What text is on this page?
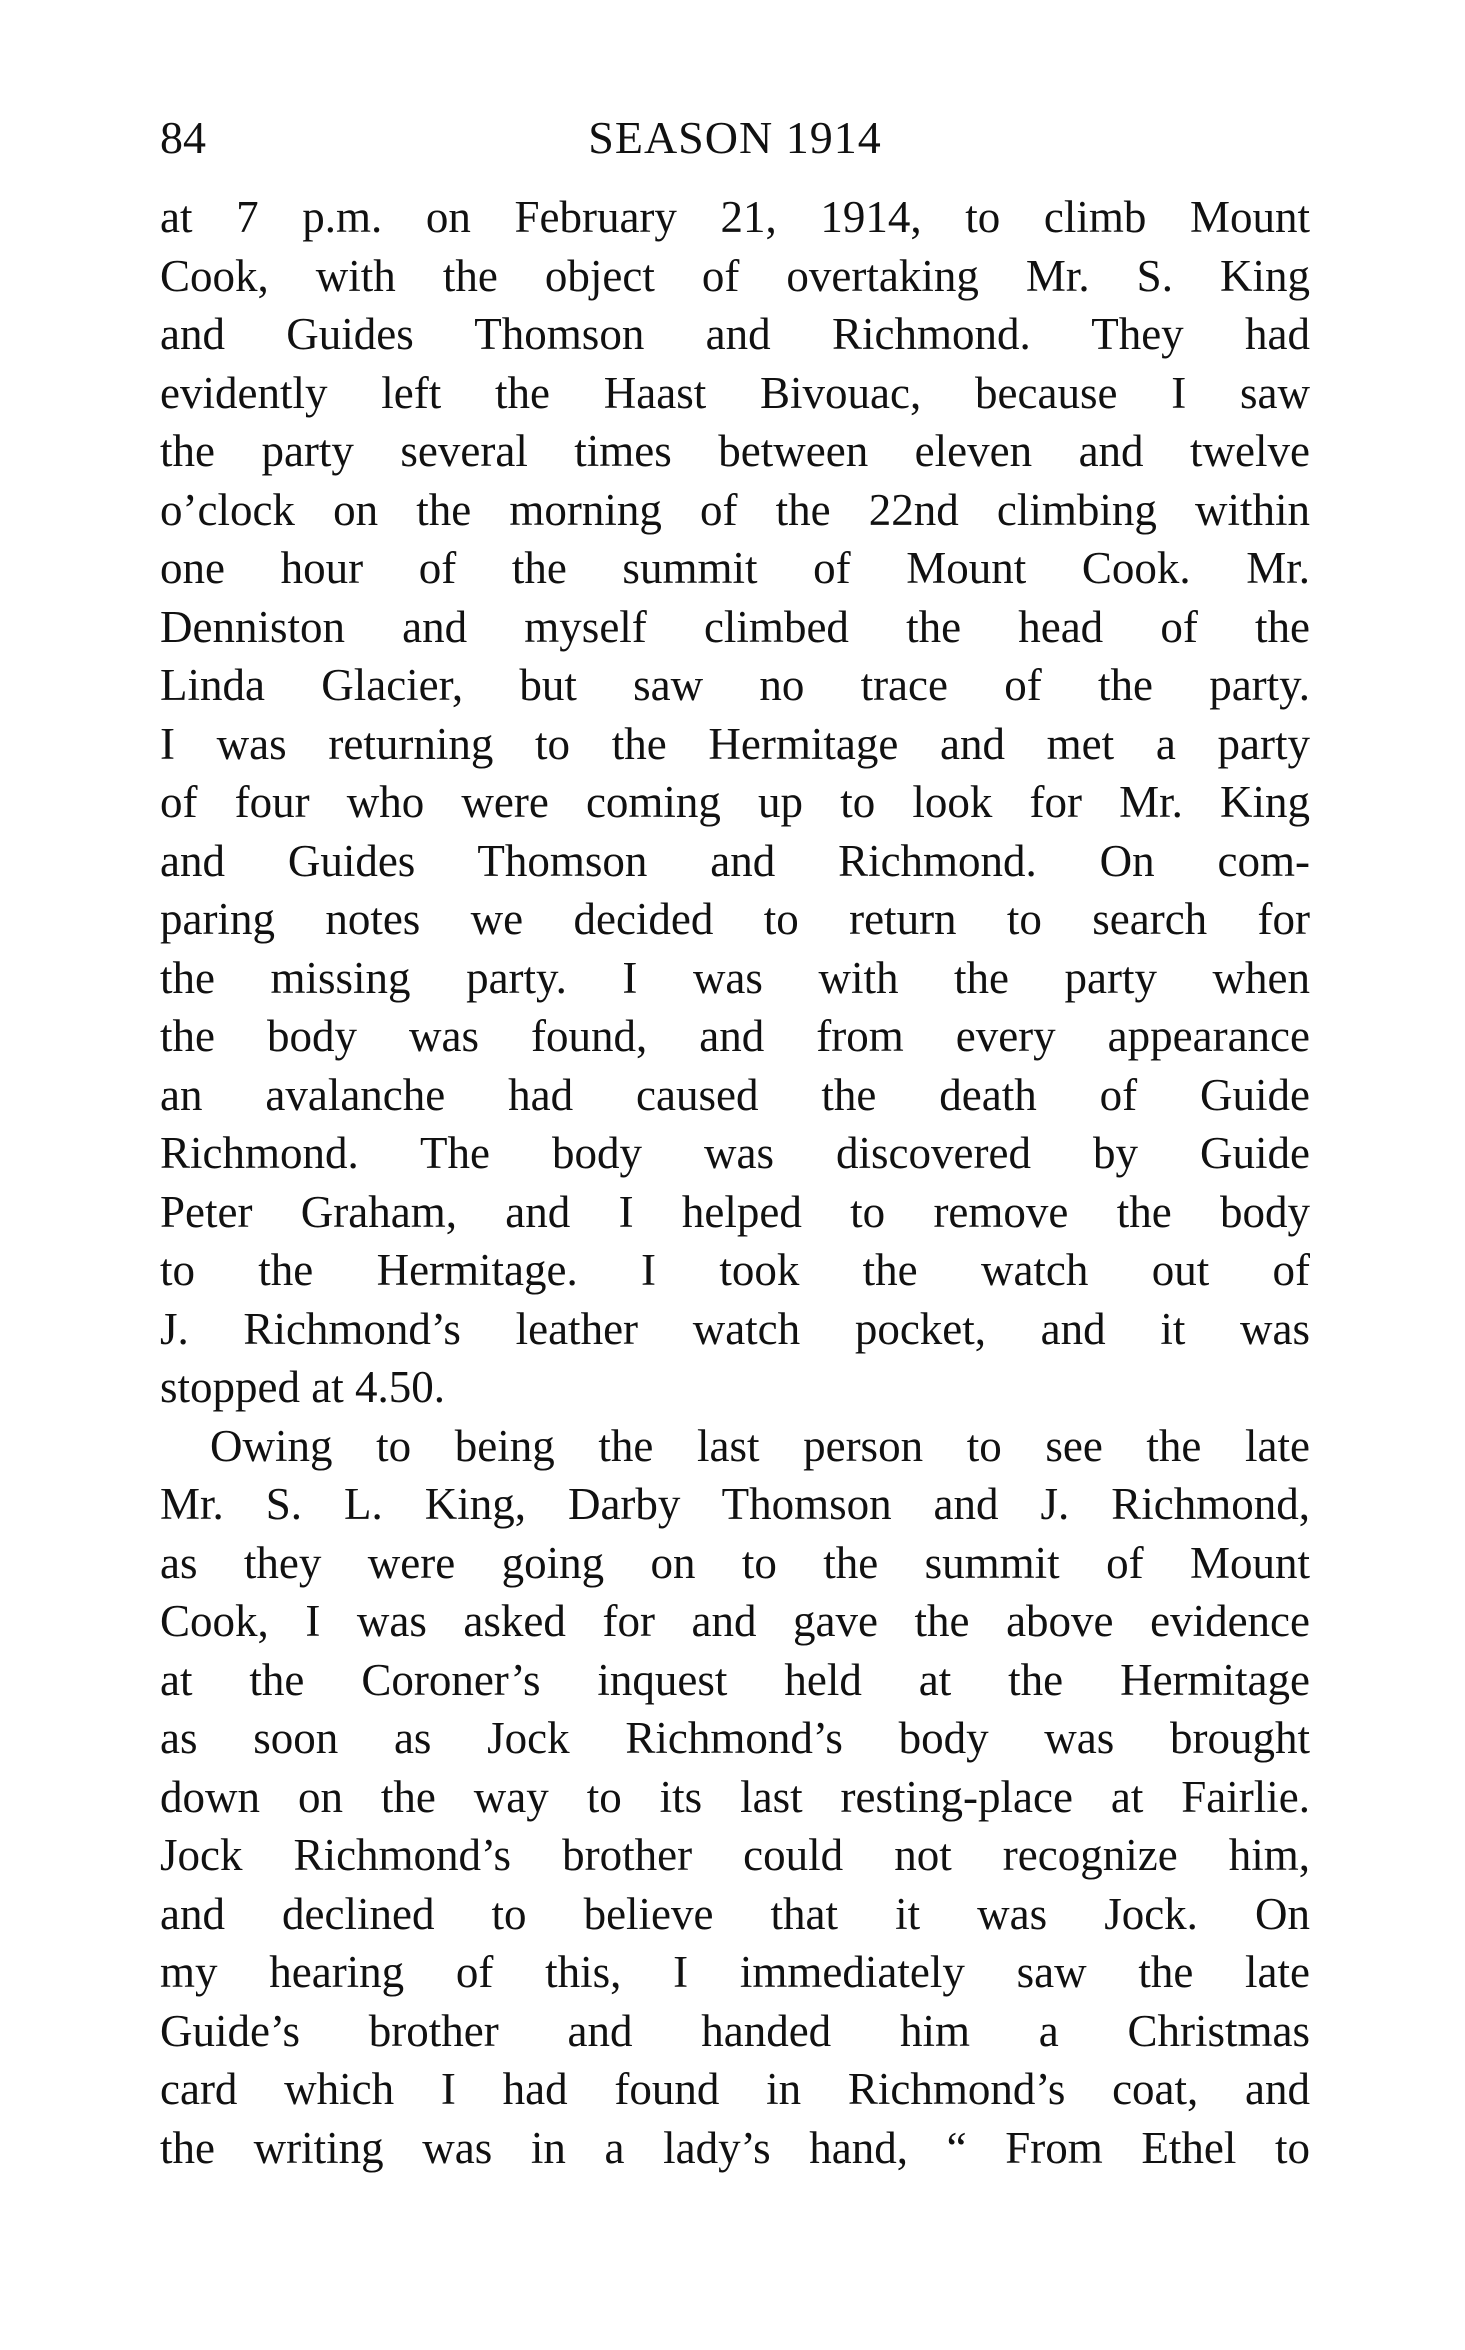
84	SEASON 1914
at 7 p.m. on February 21, 1914, to climb Mount
Cook, with the object of overtaking Mr. S. King
and Guides Thomson and Richmond. They had
evidently left the Haast Bivouac, because I saw
the party several times between eleven and twelve
o’clock on the morning of the 22nd climbing within
one hour of the summit of Mount Cook. Mr.
Denniston and myself climbed the head of the
Linda Glacier, but saw no trace of the party.
I was returning to the Hermitage and met a party
of four who were coming up to look for Mr. King
and Guides Thomson and Richmond. On com-
paring notes we decided to return to search for
the missing party. I was with the party when
the body was found, and from every appearance
an avalanche had caused the death of Guide
Richmond. The body was discovered by Guide
Peter Graham, and I helped to remove the body
to the Hermitage. I took the watch out of
J. Richmond’s leather watch pocket, and it was
stopped at 4.50.
Owing to being the last person to see the late
Mr. S. L. King, Darby Thomson and J. Richmond,
as they were going on to the summit of Mount
Cook, I was asked for and gave the above evidence
at the Coroner’s inquest held at the Hermitage
as soon as Jock Richmond’s body was brought
down on the way to its last resting-place at Fairlie.
Jock Richmond’s brother could not recognize him,
and declined to believe that it was Jock. On
my hearing of this, I immediately saw the late
Guide’s brother and handed him a Christmas
card which I had found in Richmond’s coat, and
the writing was in a lady’s hand, “ From Ethel to
